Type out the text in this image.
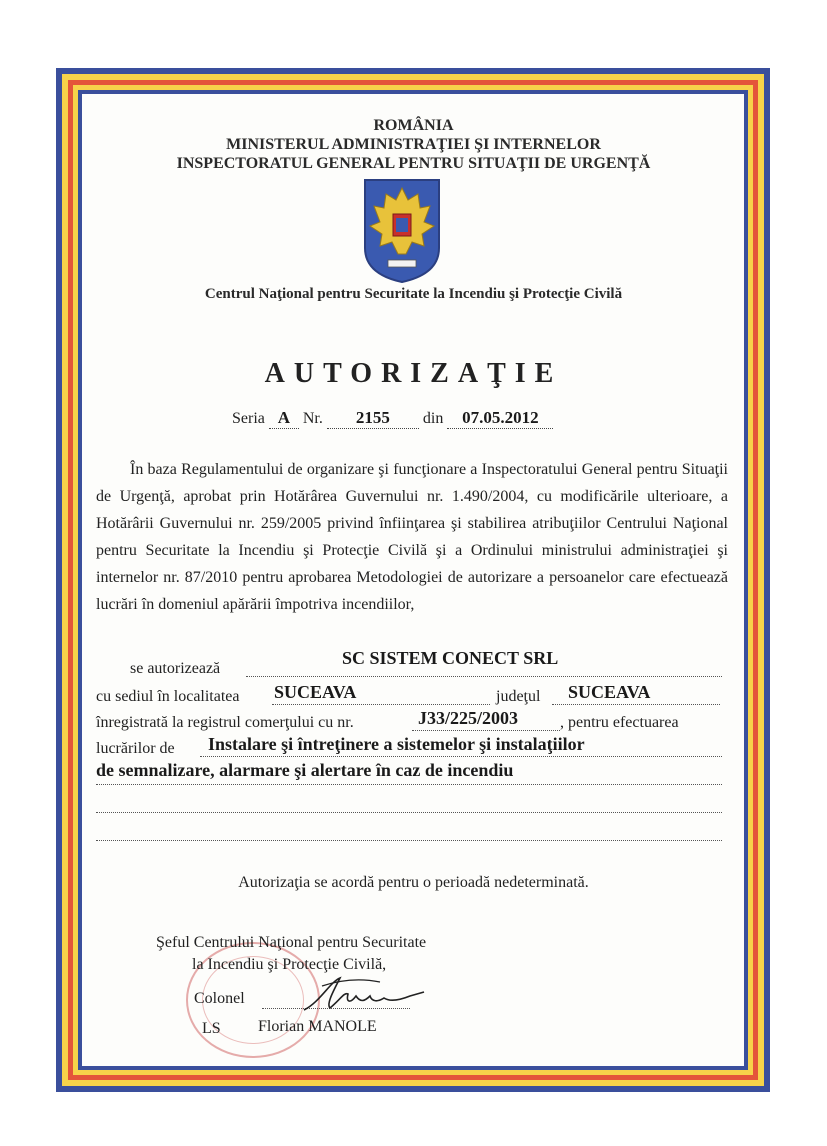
ROMÂNIA
MINISTERUL ADMINISTRAŢIEI ŞI INTERNELOR
INSPECTORATUL GENERAL PENTRU SITUAŢII DE URGENŢĂ
Centrul Naţional pentru Securitate la Incendiu şi Protecţie Civilă
AUTORIZAŢIE
Seria A Nr. 2155 din 07.05.2012
În baza Regulamentului de organizare şi funcţionare a Inspectoratului General pentru Situaţii de Urgenţă, aprobat prin Hotărârea Guvernului nr. 1.490/2004, cu modificările ulterioare, a Hotărârii Guvernului nr. 259/2005 privind înfiinţarea şi stabilirea atribuţiilor Centrului Naţional pentru Securitate la Incendiu şi Protecţie Civilă şi a Ordinului ministrului administraţiei şi internelor nr. 87/2010 pentru aprobarea Metodologiei de autorizare a persoanelor care efectuează lucrări în domeniul apărării împotriva incendiilor,
se autorizează
SC SISTEM CONECT SRL
cu sediul în localitatea SUCEAVA	judeţul SUCEAVA
înregistrată la registrul comerţului cu nr.	J33/225/2003	, pentru efectuarea
lucrărilor de Instalare şi întreţinere a sistemelor şi instalaţiilor
de semnalizare, alarmare şi alertare în caz de incendiu
Autorizaţia se acordă pentru o perioadă nedeterminată.
Şeful Centrului Naţional pentru Securitate
la Incendiu şi Protecţie Civilă,
Colonel
LS Florian MANOLE
